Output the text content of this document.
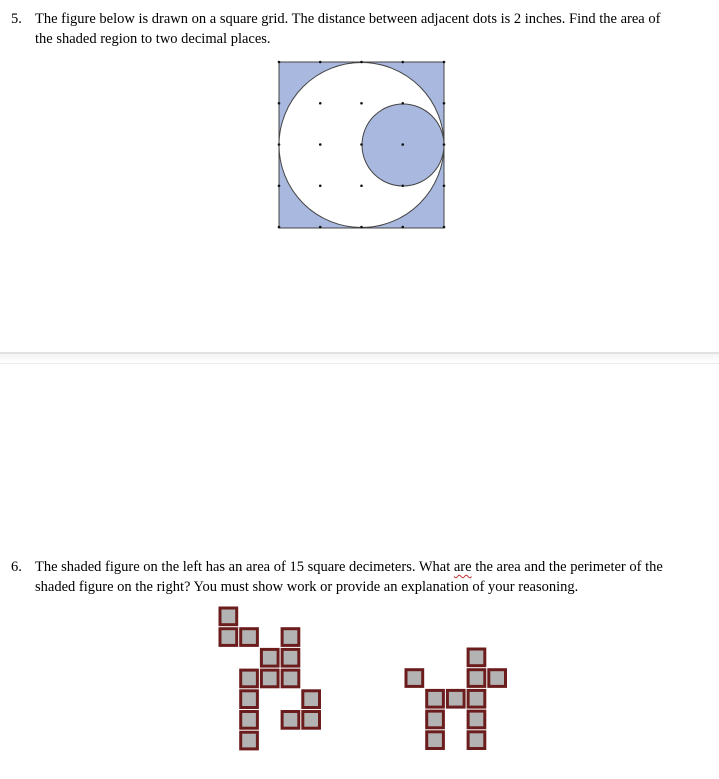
5. The figure below is drawn on a square grid. The distance between adjacent dots is 2 inches. Find the area of
the shaded region to two decimal places.
6. The shaded figure on the left has an area of 15 square decimeters. What are the area and the perimeter of the
shaded figure on the right? You must show work or provide an explanation of your reasoning.
